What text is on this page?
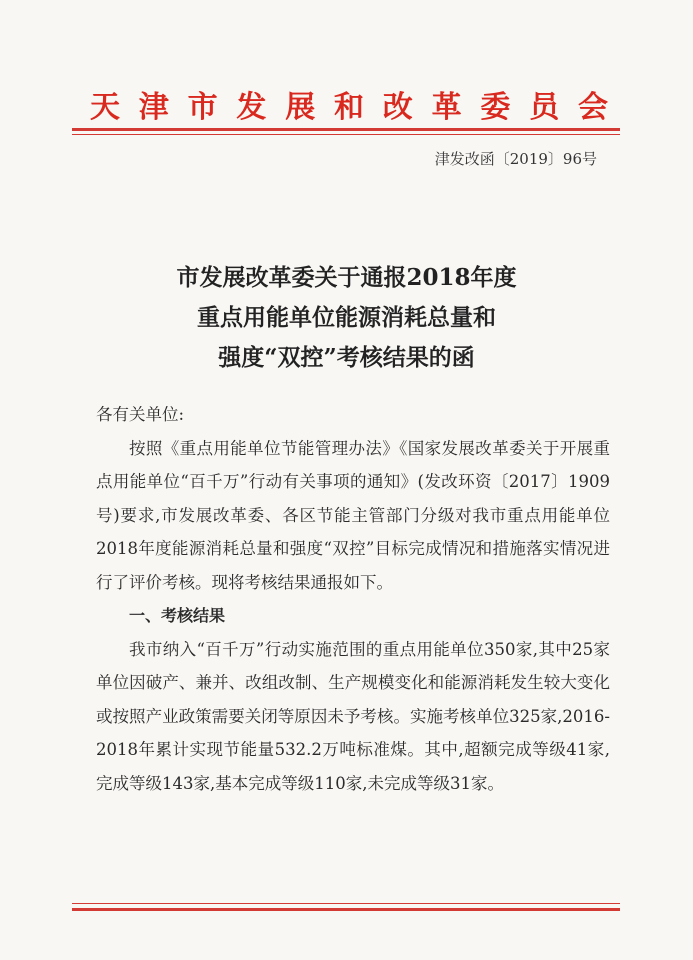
天津市发展和改革委员会
津发改函〔2019〕96号
市发展改革委关于通报2018年度
重点用能单位能源消耗总量和
强度“双控”考核结果的函

各有关单位:

按照《重点用能单位节能管理办法》《国家发展改革委关于开展重点用能单位“百千万”行动有关事项的通知》(发改环资〔2017〕1909号)要求,市发展改革委、各区节能主管部门分级对我市重点用能单位2018年度能源消耗总量和强度“双控”目标完成情况和措施落实情况进行了评价考核。现将考核结果通报如下。

一、考核结果

我市纳入“百千万”行动实施范围的重点用能单位350家,其中25家单位因破产、兼并、改组改制、生产规模变化和能源消耗发生较大变化或按照产业政策需要关闭等原因未予考核。实施考核单位325家,2016-2018年累计实现节能量532.2万吨标准煤。其中,超额完成等级41家,完成等级143家,基本完成等级110家,未完成等级31家。
